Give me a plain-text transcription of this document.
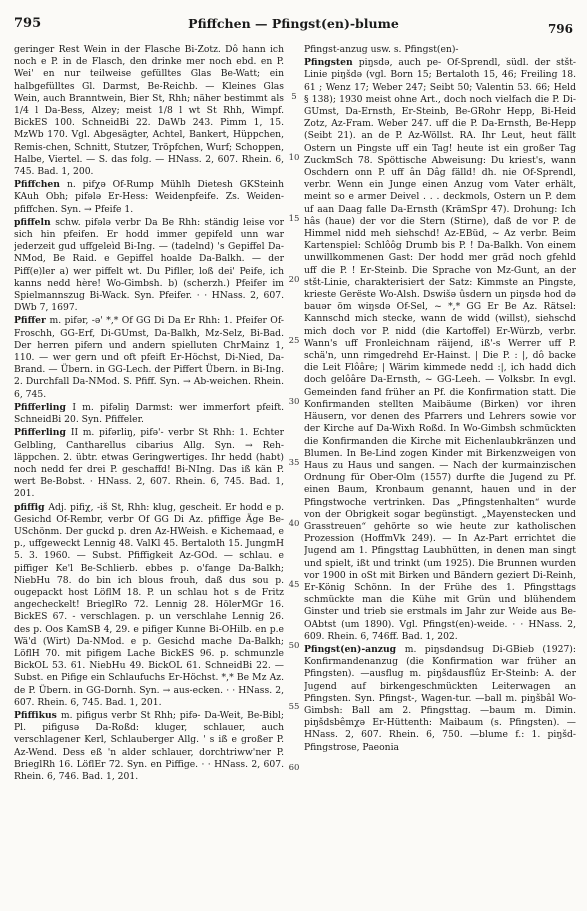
795	Pfiffchen — Pfingst(en)-blume	796

geringer Rest Wein in der Flasche Bi-Zotz. Dô hann ich noch e P. in de Flasch, den drinke mer noch ebd. en P. Wei' en nur teilweise gefülltes Glas Be-Watt; ein halbgefülltes Gl. Darmst, Be-Reichb. — Kleines Glas Wein, auch Branntwein, Bier St, Rhh; näher bestimmt als 1/4 l Da-Bess, Alzey; meist 1/8 l wt St Rhh, Wimpf. BickES 100. SchneidBi 22. DaWb 243. Pimm 1, 15. MzWb 170. Vgl. Abgesägter, Achtel, Bankert, Hüppchen, Remis-chen, Schnitt, Stutzer, Tröpfchen, Wurf; Schoppen, Halbe, Viertel. — S. das folg. — HNass. 2, 607. Rhein. 6, 745. Bad. 1, 200.

Pfiffchen n. pifχə Of-Rump Mühlh Dietesh GKSteinh KAuh Obh; pifələ Er-Hess: Weidenpfeife. Zs. Weiden-pfiffchen. Syn. → Pfeife 1.

pfiffeln schw. pifələ verbr Da Be Rhh: ständig leise vor sich hin pfeifen. Er hodd immer gepifeld unn war jederzeit gud uffgeleìd Bi-Ing. — (tadelnd) 's Gepiffel Da-NMod, Be Raid. e Gepiffel hoalde Da-Balkh. — der Piff(e)ler a) wer piffelt wt. Du Pifller, loß dei' Peife, ich kanns nedd hère! Wo-Gimbsh. b) (scherzh.) Pfeifer im Spielmannszug Bi-Wack. Syn. Pfeifer. · · HNass. 2, 607. DWb 7, 1697.

Pfiffer m. pifər, -ə' *,* Of GG Di Da Er Rhh: 1. Pfeifer Of-Froschh, GG-Erf, Di-GUmst, Da-Balkh, Mz-Selz, Bi-Bad. Der herren pifern und andern spielluten ChrMainz 1, 110. — wer gern und oft pfeift Er-Höchst, Di-Nied, Da-Brand. — Übern. in GG-Lech. der Piffert Übern. in Bi-Ing. 2. Durchfall Da-NMod. S. Pfiff. Syn. → Ab-weichen. Rhein. 6, 745.

Pfifferling I m. pifəliŋ Darmst: wer immerfort pfeift. SchneidBi 20. Syn. Pfiffeler.

Pfifferling II m. pifərliŋ, pifə'- verbr St Rhh: 1. Echter Gelbling, Cantharellus cibarius Allg. Syn. → Reh-läppchen. 2. übtr. etwas Geringwertiges. Ihr hedd (habt) noch nedd fer drei P. geschaffd! Bi-NIng. Das iß kän P. wert Be-Bobst. · HNass. 2, 607. Rhein. 6, 745. Bad. 1, 201.

pfiffig Adj. pifiχ, -iš St, Rhh: klug, gescheit. Er hodd e p. Gesichd Of-Rembr, verbr Of GG Di Az. pfiffige Äge Be-USchönm. Der guckd p. dren Az-HWeish. e Kichemaad, e p., uffgeweckt Lennig 48. ValKl 45. Bertaloth 15. JungmH 5. 3. 1960. — Subst. Pfiffigkeit Az-GOd. — schlau. e piffiger Ke'l Be-Schlierb. ebbes p. o'fange Da-Balkh; NiebHu 78. do bin ich blous frouh, daß dus sou p. ougepackt host LöflM 18. P. un schlau hot s de Fritz angecheckelt! BrieglRo 72. Lennig 28. HölerMGr 16. BickES 67. - verschlagen. p. un verschlahe Lennig 26. des p. Oos KamSB 4, 29. e pifiger Kunne Bi-OHilb. en p.e Wä'd (Wirt) Da-NMod. e p. Gesichd mache Da-Balkh; LöflH 70. mit pifigem Lache BickES 96. p. schmunzle BickOL 53. 61. NiebHu 49. BickOL 61. SchneidBi 22. — Subst. en Pifige ein Schlaufuchs Er-Höchst. *,* Be Mz Az. de P. Übern. in GG-Dornh. Syn. → aus-ecken. · · HNass. 2, 607. Rhein. 6, 745. Bad. 1, 201.

Pfiffikus m. pifigus verbr St Rhh; pifə- Da-Weit, Be-Bibl; Pl. pifigusə Da-Roßd: kluger, schlauer, auch verschlagener Kerl, Schlauberger Allg. ' s iß e großer P. Az-Wend. Dess eß 'n alder schlauer, dorchtriww'ner P. BrieglRh 16. LöflEr 72. Syn. en Piffige. · · HNass. 2, 607. Rhein. 6, 746. Bad. 1, 201.

5
10
15
20
25
30
35
40
45
50
55
60

Pfingst-anzug usw. s. Pfingst(en)-

Pfingsten piŋsdə, auch pe- Of-Sprendl, südl. der stšt-Linie piŋšdə (vgl. Born 15; Bertaloth 15, 46; Freiling 18. 61 ; Wenz 17; Weber 247; Seibt 50; Valentin 53. 66; Held § 138); 1930 meist ohne Art., doch noch vielfach die P. Di-GUmst, Da-Ernsth, Er-Steinb, Be-GRohr Hepp, Bi-Heid Zotz, Az-Fram. Weber 247. uff die P. Da-Ernsth, Be-Hepp (Seibt 21). an de P. Az-Wöllst. RA. Ihr Leut, heut fällt Ostern un Pingste uff ein Tag! heute ist ein großer Tag ZuckmSch 78. Spöttische Abweisung: Du kriest's, wann Oschdern onn P. uff ân Dâg fälld! dh. nie Of-Sprendl, verbr. Wenn ein Junge einen Anzug vom Vater erhält, meint so e armer Deivel . . . deckmols, Ostern un P. dem uf aan Daag falle Da-Ernsth (KrämSpr 47). Drohung: Ich hâs (haue) der vor die Stern (Stirne), daß de vor P. de Himmel nidd meh siehschd! Az-EBüd, ~ Az verbr. Beim Kartenspiel: Schlôôg Drumb bis P. ! Da-Balkh. Von einem unwillkommenen Gast: Der hodd mer gräd noch gfehld uff die P. ! Er-Steinb. Die Sprache von Mz-Gunt, an der stšt-Linie, charakterisiert der Satz: Kimmste an Pingste, krieste Gerëste Wo-Alsh. Dswišə ûsdern un piŋsdə hod də bauər öm wiŋsdə Of-Sel, ~ *,* GG Er Be Az. Rätsel: Kannschd mich stecke, wann de widd (willst), siehschd mich doch vor P. nidd (die Kartoffel) Er-Würzb, verbr. Wann's uff Fronleichnam räijend, iß'-s Werrer uff P. schä'n, unn rimgedrehd Er-Hainst. | Die P. : |, dô backe die Leit Flôâre; | Wärim kimmede nedd :|, ich hadd dich doch gelôâre Da-Ernsth, ~ GG-Leeh. — Volksbr. In evgl. Gemeinden fand früher an Pf. die Konfirmation statt. Die Konfirmanden stellten Maibäume (Birken) vor ihren Häusern, vor denen des Pfarrers und Lehrers sowie vor der Kirche auf Da-Wixh Roßd. In Wo-Gimbsh schmückten die Konfirmanden die Kirche mit Eichenlaubkränzen und Blumen. In Be-Lind zogen Kinder mit Birkenzweigen von Haus zu Haus und sangen. — Nach der kurmainzischen Ordnung für Ober-Olm (1557) durfte die Jugend zu Pf. einen Baum, Kronbaum genannt, hauen und in der Pfingstwoche vertrinken. Das „Pfingstenhalten“ wurde von der Obrigkeit sogar begünstigt. „Mayenstecken und Grasstreuen“ gehörte so wie heute zur katholischen Prozession (HoffmVk 249). — In Az-Part errichtet die Jugend am 1. Pfingsttag Laubhütten, in denen man singt und spielt, ißt und trinkt (um 1925). Die Brunnen wurden vor 1900 in oSt mit Birken und Bändern geziert Di-Reinh, Er-König Schönn. In der Frühe des 1. Pfingsttags schmückte man die Kühe mit Grün und blühendem Ginster und trieb sie erstmals im Jahr zur Weide aus Be-OAbtst (um 1890). Vgl. Pfingst(en)-weide. · · HNass. 2, 609. Rhein. 6, 746ff. Bad. 1, 202.

Pfingst(en)-anzug m. piŋsdəndsug Di-GBieb (1927): Konfirmandenanzug (die Konfirmation war früher an Pfingsten). —ausflug m. piŋšdausflûz Er-Steinb: A. der Jugend auf birkengeschmückten Leiterwagen an Pfingsten. Syn. Pfingst-, Wagen-tur. —ball m. piŋšbâl Wo-Gimbsh: Ball am 2. Pfingsttag. —baum m. Dimin. piŋšdsbêmχə Er-Hüttenth: Maibaum (s. Pfingsten). — HNass. 2, 607. Rhein. 6, 750. —blume f.: 1. piŋšd- Pfingstrose, Paeonia
